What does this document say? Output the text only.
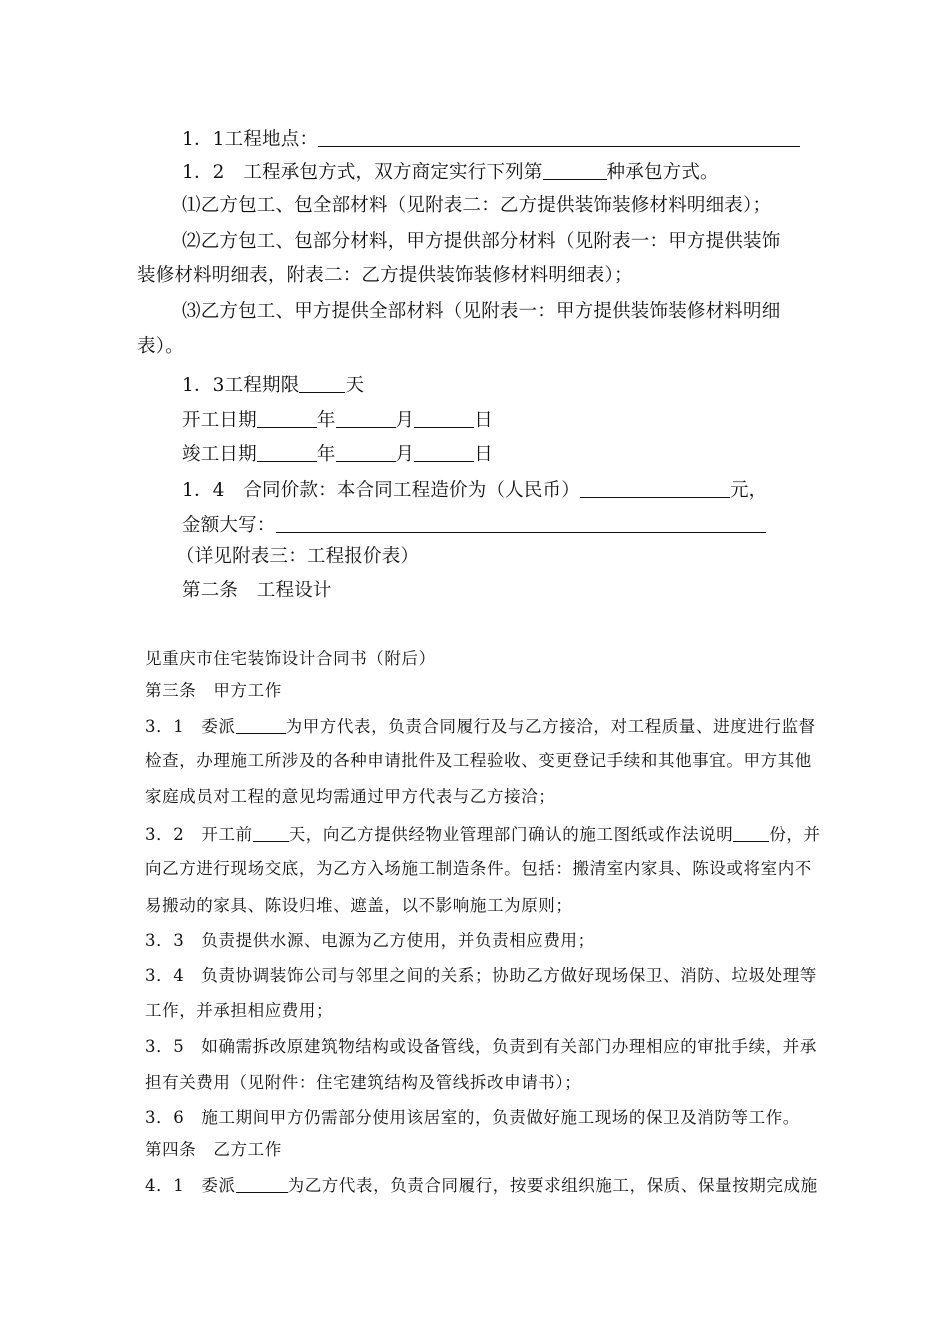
1．1工程地点：
1．2　工程承包方式，双方商定实行下列第	种承包方式。
⑴乙方包工、包全部材料（见附表二：乙方提供装饰装修材料明细表）；
⑵乙方包工、包部分材料，甲方提供部分材料（见附表一：甲方提供装饰
装修材料明细表，附表二：乙方提供装饰装修材料明细表）；
⑶乙方包工、甲方提供全部材料（见附表一：甲方提供装饰装修材料明细
表）。
1．3工程期限 天
开工日期	年	月	日
竣工日期	年	月	日
1．4　合同价款：本合同工程造价为（人民币）	元，
金额大写：
（详见附表三：工程报价表）
第二条　工程设计
见重庆市住宅装饰设计合同书（附后）
第三条　甲方工作
3．1　委派	为甲方代表，负责合同履行及与乙方接洽，对工程质量、进度进行监督
检查，办理施工所涉及的各种申请批件及工程验收、变更登记手续和其他事宜。甲方其他
家庭成员对工程的意见均需通过甲方代表与乙方接洽；
3．2　开工前 天，向乙方提供经物业管理部门确认的施工图纸或作法说明 份，并
向乙方进行现场交底，为乙方入场施工制造条件。包括：搬清室内家具、陈设或将室内不
易搬动的家具、陈设归堆、遮盖，以不影响施工为原则；
3．3　负责提供水源、电源为乙方使用，并负责相应费用；
3．4　负责协调装饰公司与邻里之间的关系；协助乙方做好现场保卫、消防、垃圾处理等
工作，并承担相应费用；
3．5　如确需拆改原建筑物结构或设备管线，负责到有关部门办理相应的审批手续，并承
担有关费用（见附件：住宅建筑结构及管线拆改申请书）；
3．6　施工期间甲方仍需部分使用该居室的，负责做好施工现场的保卫及消防等工作。
第四条　乙方工作
4．1　委派	为乙方代表，负责合同履行，按要求组织施工，保质、保量按期完成施
